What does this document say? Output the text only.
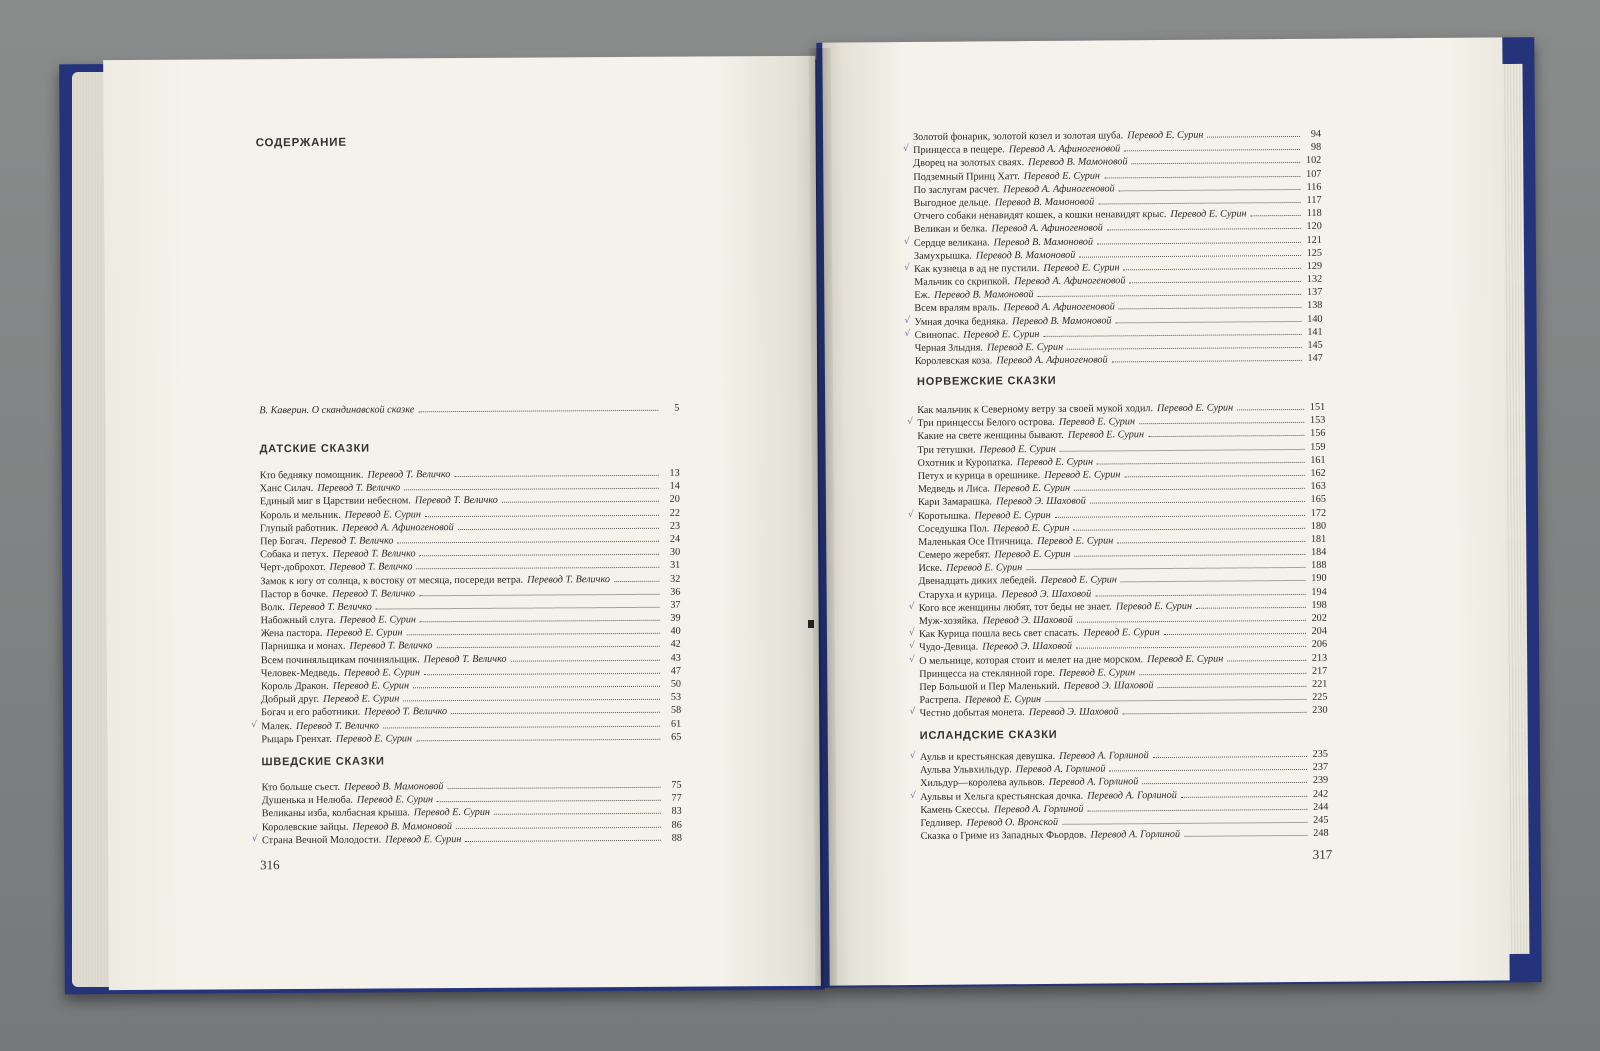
СОДЕРЖАНИЕ
В. Каверин. О скандинавской сказке	5
ДАТСКИЕ СКАЗКИ
Кто бедняку помощник. Перевод Т. Величко	13
Ханс Силач. Перевод Т. Величко	14
Единый миг в Царствии небесном. Перевод Т. Величко	20
Король и мельник. Перевод Е. Сурин	22
Глупый работник. Перевод А. Афиногеновой	23
Пер Богач. Перевод Т. Величко	24
Собака и петух. Перевод Т. Величко	30
Черт-доброхот. Перевод Т. Величко	31
Замок к югу от солнца, к востоку от месяца, посереди ветра. Перевод Т. Величко	32
Пастор в бочке. Перевод Т. Величко	36
Волк. Перевод Т. Величко	37
Набожный слуга. Перевод Е. Сурин	39
Жена пастора. Перевод Е. Сурин	40
Парнишка и монах. Перевод Т. Величко	42
Всем починяльщикам починяльщик. Перевод Т. Величко	43
Человек-Медведь. Перевод Е. Сурин	47
Король Дракон. Перевод Е. Сурин	50
Добрый друг. Перевод Е. Сурин	53
Богач и его работники. Перевод Т. Величко	58
√ Малек. Перевод Т. Величко	61
Рыцарь Гренхат. Перевод Е. Сурин	65
ШВЕДСКИЕ СКАЗКИ
Кто больше съест. Перевод В. Мамоновой	75
Душенька и Нелюба. Перевод Е. Сурин	77
Великаны изба, колбасная крыша. Перевод Е. Сурин	83
Королевские зайцы. Перевод В. Мамоновой	86
√ Страна Вечной Молодости. Перевод Е. Сурин	88
316
Золотой фонарик, золотой козел и золотая шуба. Перевод Е. Сурин	94
√ Принцесса в пещере. Перевод А. Афиногеновой	98
Дворец на золотых сваях. Перевод В. Мамоновой	102
Подземный Принц Хатт. Перевод Е. Сурин	107
По заслугам расчет. Перевод А. Афиногеновой	116
Выгодное дельце. Перевод В. Мамоновой	117
Отчего собаки ненавидят кошек, а кошки ненавидят крыс. Перевод Е. Сурин	118
Великан и белка. Перевод А. Афиногеновой	120
√ Сердце великана. Перевод В. Мамоновой	121
Замухрышка. Перевод В. Мамоновой	125
√ Как кузнеца в ад не пустили. Перевод Е. Сурин	129
Мальчик со скрипкой. Перевод А. Афиногеновой	132
Еж. Перевод В. Мамоновой	137
Всем вралям враль. Перевод А. Афиногеновой	138
√ Умная дочка бедняка. Перевод В. Мамоновой	140
√ Свинопас. Перевод Е. Сурин	141
Черная Злыдня. Перевод Е. Сурин	145
Королевская коза. Перевод А. Афиногеновой	147
НОРВЕЖСКИЕ СКАЗКИ
Как мальчик к Северному ветру за своей мукой ходил. Перевод Е. Сурин	151
√ Три принцессы Белого острова. Перевод Е. Сурин	153
Какие на свете женщины бывают. Перевод Е. Сурин	156
Три тетушки. Перевод Е. Сурин	159
Охотник и Куропатка. Перевод Е. Сурин	161
Петух и курица в орешнике. Перевод Е. Сурин	162
Медведь и Лиса. Перевод Е. Сурин	163
Кари Замарашка. Перевод Э. Шаховой	165
√ Коротышка. Перевод Е. Сурин	172
Соседушка Пол. Перевод Е. Сурин	180
Маленькая Осе Птичница. Перевод Е. Сурин	181
Семеро жеребят. Перевод Е. Сурин	184
Иске. Перевод Е. Сурин	188
Двенадцать диких лебедей. Перевод Е. Сурин	190
Старуха и курица. Перевод Э. Шаховой	194
√ Кого все женщины любят, тот беды не знает. Перевод Е. Сурин	198
Муж-хозяйка. Перевод Э. Шаховой	202
√ Как Курица пошла весь свет спасать. Перевод Е. Сурин	204
√ Чудо-Девица. Перевод Э. Шаховой	206
√ О мельнице, которая стоит и мелет на дне морском. Перевод Е. Сурин	213
Принцесса на стеклянной горе. Перевод Е. Сурин	217
Пер Большой и Пер Маленький. Перевод Э. Шаховой	221
Растрепа. Перевод Е. Сурин	225
√ Честно добытая монета. Перевод Э. Шаховой	230
ИСЛАНДСКИЕ СКАЗКИ
√ Аульв и крестьянская девушка. Перевод А. Горлиной	235
Аульва Ульвхильдур. Перевод А. Горлиной	237
Хильдур—королева аульвов. Перевод А. Горлиной	239
√ Аульвы и Хельга крестьянская дочка. Перевод А. Горлиной	242
Камень Скессы. Перевод А. Горлиной	244
Гедливер. Перевод О. Вронской	245
Сказка о Гриме из Западных Фьордов. Перевод А. Горлиной	248
317
